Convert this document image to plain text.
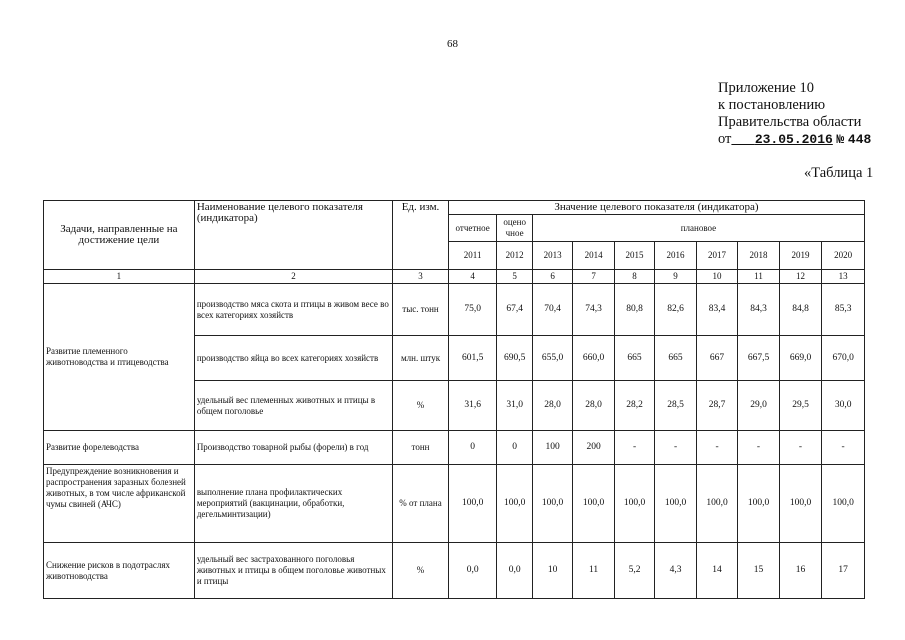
68
Приложение 10
к постановлению
Правительства области
от 23.05.2016 № 448
«Таблица 1
Задачи, направленные на достижение цели	Наименование целевого показателя (индикатора)	Ед. изм.	Значение целевого показателя (индикатора)									
			отчетное	оцено чное	плановое							
			2011	2012	2013	2014	2015	2016	2017	2018	2019	2020
1	2	3	4	5	6	7	8	9	10	11	12	13
Развитие племенного животноводства и птицеводства	производство мяса скота и птицы в живом весе во всех категориях хозяйств	тыс. тонн	75,0	67,4	70,4	74,3	80,8	82,6	83,4	84,3	84,8	85,3
	производство яйца во всех категориях хозяйств	млн. штук	601,5	690,5	655,0	660,0	665	665	667	667,5	669,0	670,0
	удельный вес племенных животных и птицы в общем поголовье	%	31,6	31,0	28,0	28,0	28,2	28,5	28,7	29,0	29,5	30,0
Развитие форелеводства	Производство товарной рыбы (форели) в год	тонн	0	0	100	200	-	-	-	-	-	-
Предупреждение возникновения и распространения заразных болезней животных, в том числе африканской чумы свиней (АЧС)	выполнение плана профилактических мероприятий (вакцинации, обработки, дегельминтизации)	% от плана	100,0	100,0	100,0	100,0	100,0	100,0	100,0	100,0	100,0	100,0
Снижение рисков в подотраслях животноводства	удельный вес застрахованного поголовья животных и птицы в общем поголовье животных и птицы	%	0,0	0,0	10	11	5,2	4,3	14	15	16	17
